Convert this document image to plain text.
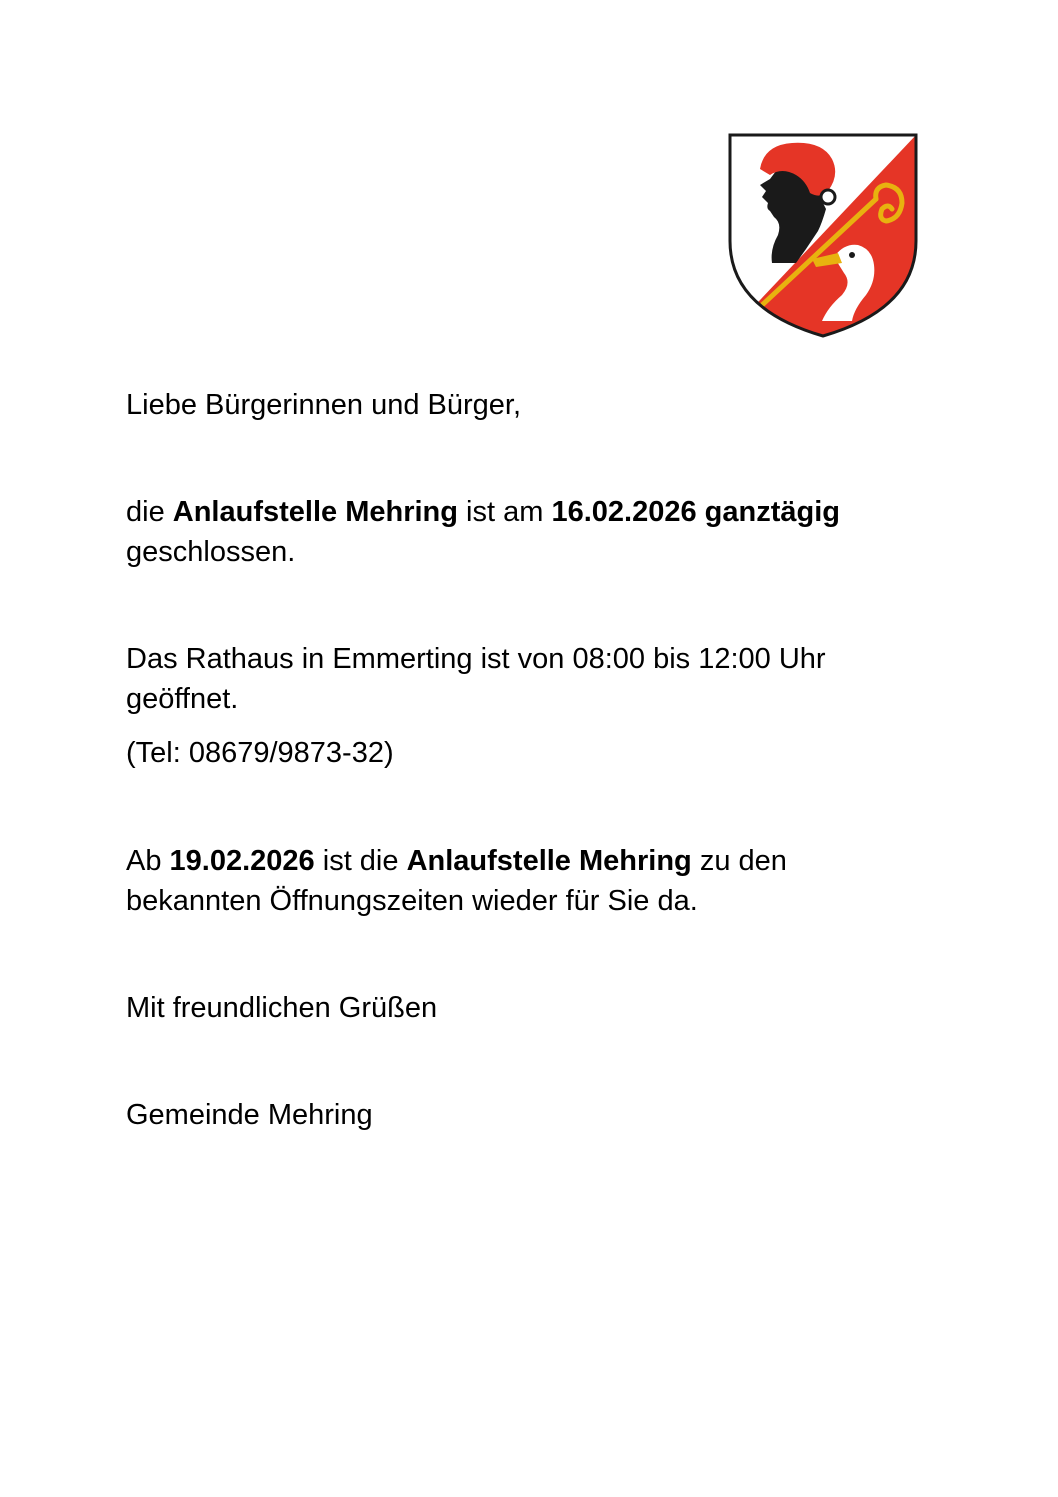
Liebe Bürgerinnen und Bürger,

die Anlaufstelle Mehring ist am 16.02.2026 ganztägig
geschlossen.

Das Rathaus in Emmerting ist von 08:00 bis 12:00 Uhr
geöffnet.

(Tel: 08679/9873-32)

Ab 19.02.2026 ist die Anlaufstelle Mehring zu den
bekannten Öffnungszeiten wieder für Sie da.

Mit freundlichen Grüßen

Gemeinde Mehring
